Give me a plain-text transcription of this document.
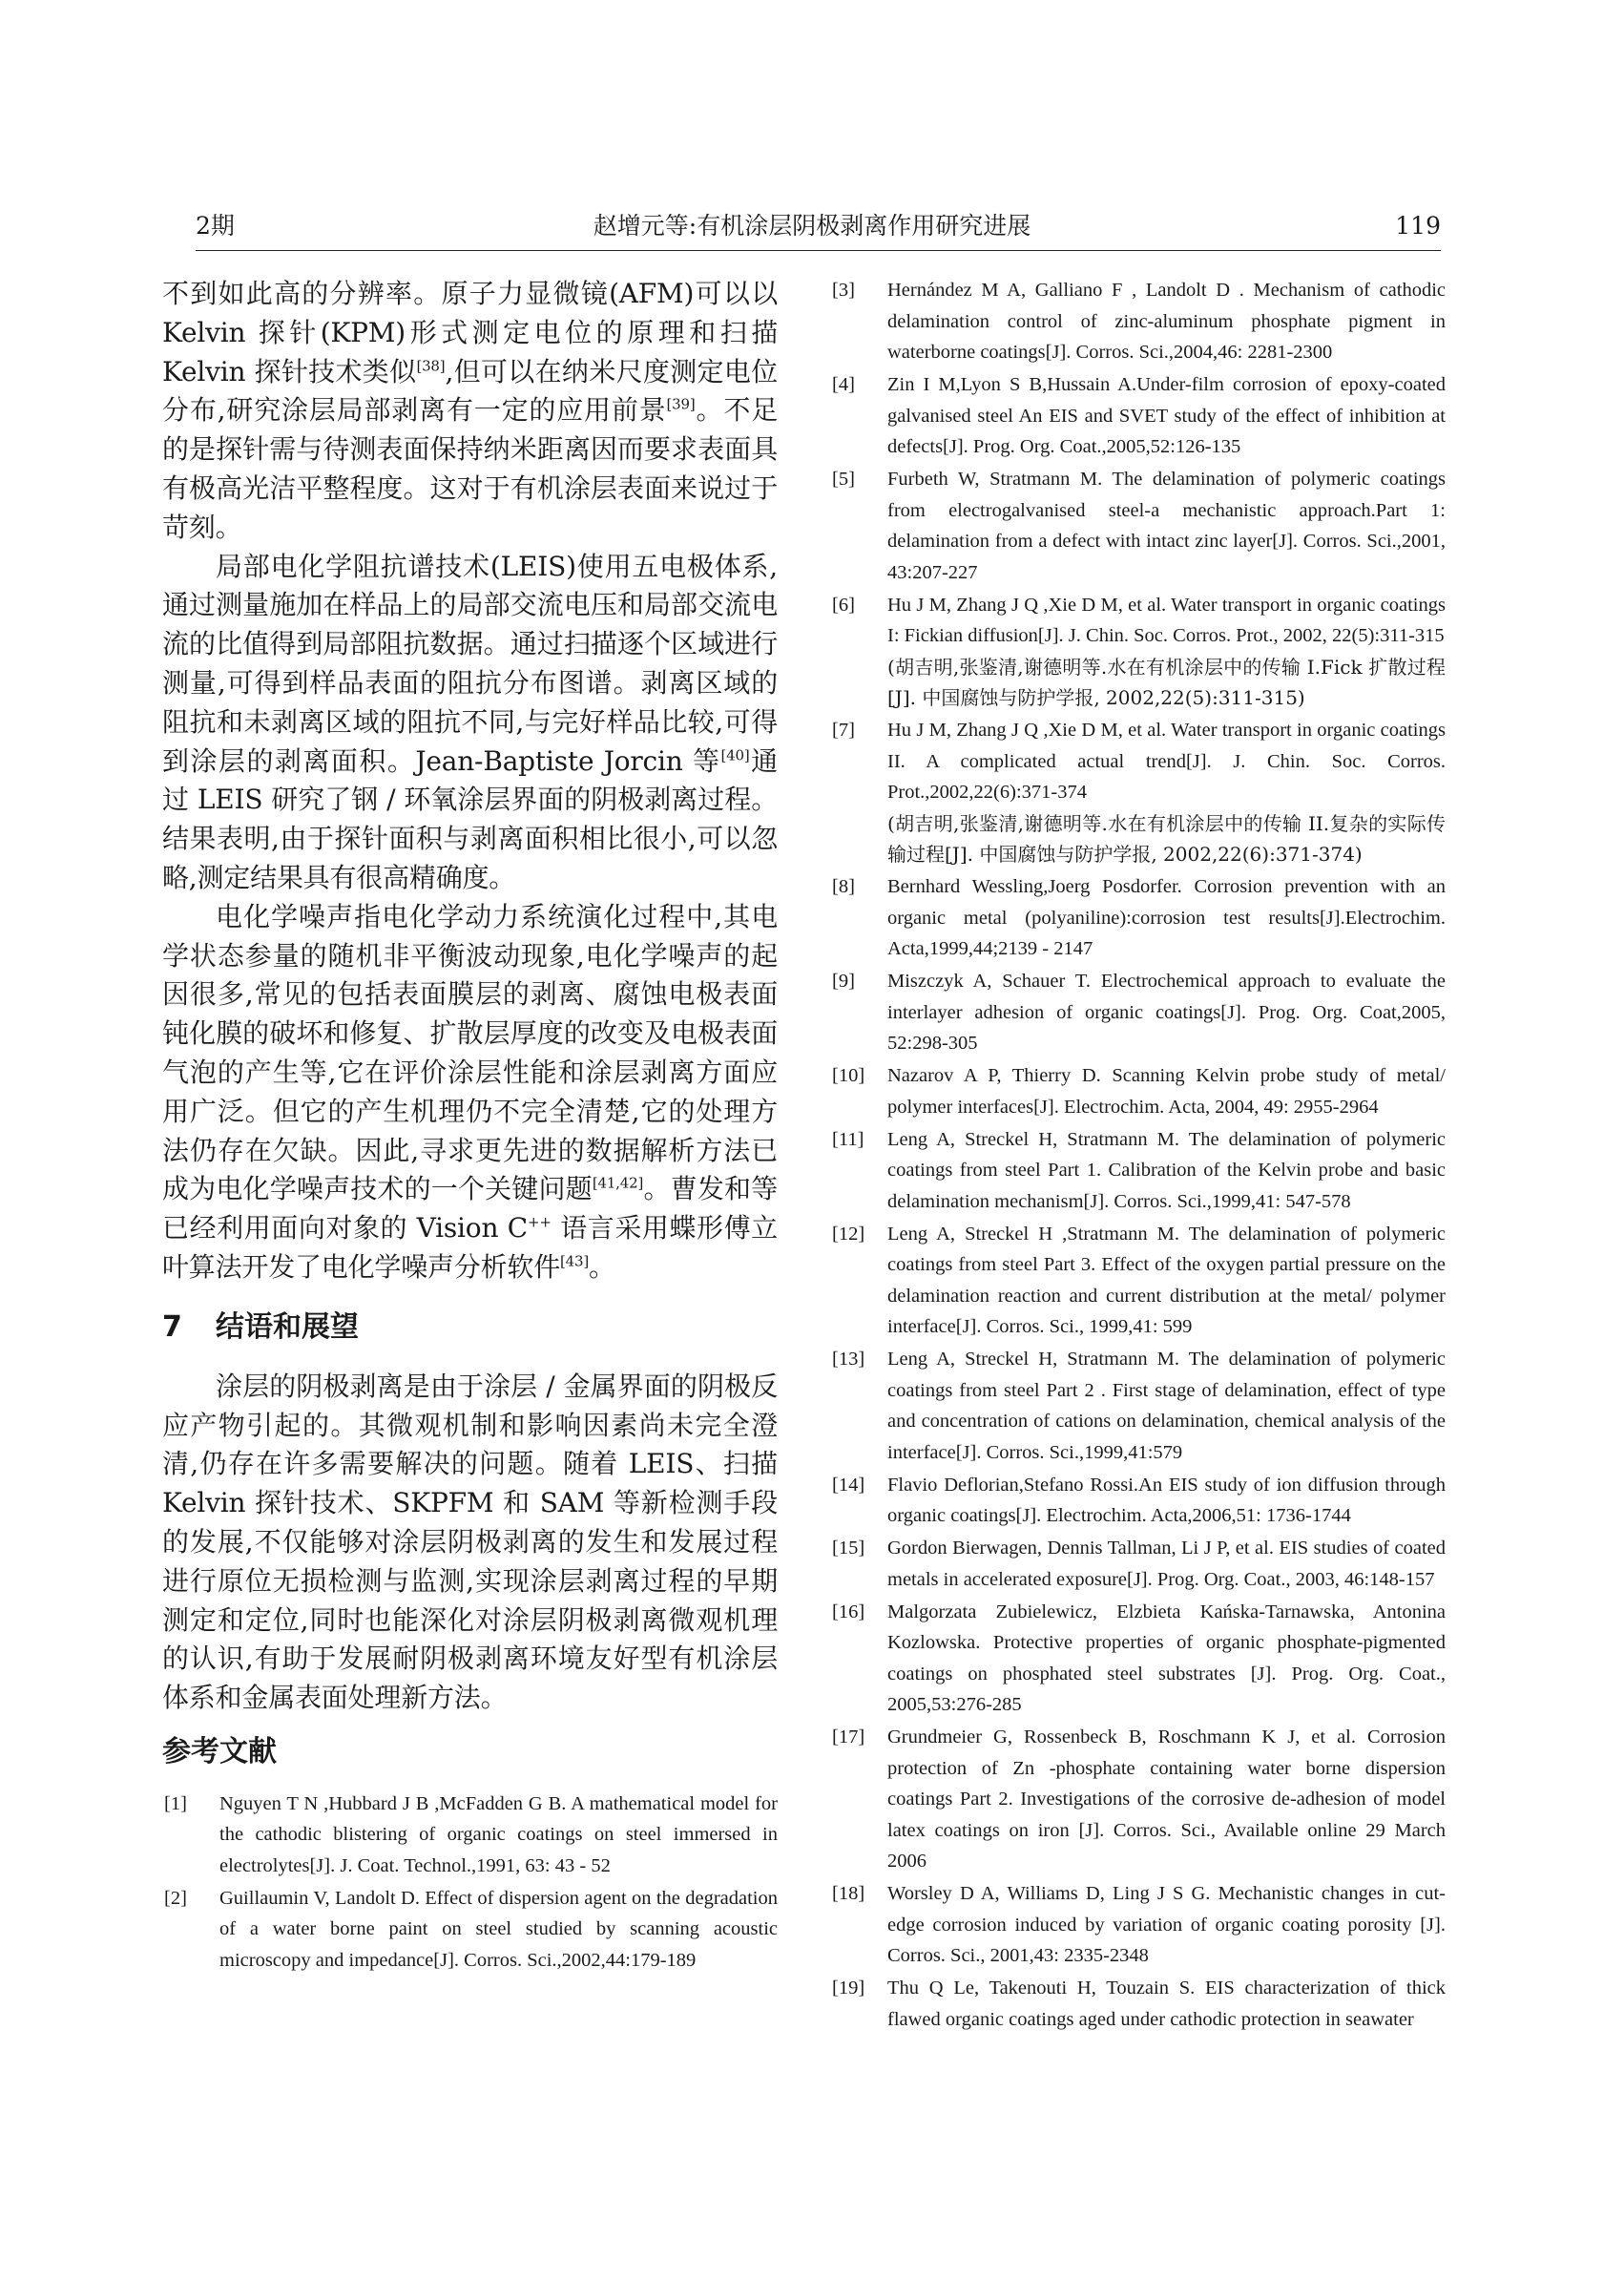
2期	赵增元等:有机涂层阴极剥离作用研究进展	119

不到如此高的分辨率。原子力显微镜(AFM)可以以 Kelvin 探针(KPM)形式测定电位的原理和扫描 Kelvin 探针技术类似[38],但可以在纳米尺度测定电位分布,研究涂层局部剥离有一定的应用前景[39]。不足的是探针需与待测表面保持纳米距离因而要求表面具有极高光洁平整程度。这对于有机涂层表面来说过于苛刻。

局部电化学阻抗谱技术(LEIS)使用五电极体系,通过测量施加在样品上的局部交流电压和局部交流电流的比值得到局部阻抗数据。通过扫描逐个区域进行测量,可得到样品表面的阻抗分布图谱。剥离区域的阻抗和未剥离区域的阻抗不同,与完好样品比较,可得到涂层的剥离面积。Jean-Baptiste Jorcin 等[40]通过 LEIS 研究了钢 / 环氧涂层界面的阴极剥离过程。结果表明,由于探针面积与剥离面积相比很小,可以忽略,测定结果具有很高精确度。

电化学噪声指电化学动力系统演化过程中,其电学状态参量的随机非平衡波动现象,电化学噪声的起因很多,常见的包括表面膜层的剥离、腐蚀电极表面钝化膜的破坏和修复、扩散层厚度的改变及电极表面气泡的产生等,它在评价涂层性能和涂层剥离方面应用广泛。但它的产生机理仍不完全清楚,它的处理方法仍存在欠缺。因此,寻求更先进的数据解析方法已成为电化学噪声技术的一个关键问题[41,42]。曹发和等已经利用面向对象的 Vision C++ 语言采用蝶形傅立叶算法开发了电化学噪声分析软件[43]。

7 结语和展望

涂层的阴极剥离是由于涂层 / 金属界面的阴极反应产物引起的。其微观机制和影响因素尚未完全澄清,仍存在许多需要解决的问题。随着 LEIS、扫描 Kelvin 探针技术、SKPFM 和 SAM 等新检测手段的发展,不仅能够对涂层阴极剥离的发生和发展过程进行原位无损检测与监测,实现涂层剥离过程的早期测定和定位,同时也能深化对涂层阴极剥离微观机理的认识,有助于发展耐阴极剥离环境友好型有机涂层体系和金属表面处理新方法。

参考文献
[1] Nguyen T N ,Hubbard J B ,McFadden G B. A mathematical model for the cathodic blistering of organic coatings on steel immersed in electrolytes[J]. J. Coat. Technol.,1991, 63: 43 - 52
[2] Guillaumin V, Landolt D. Effect of dispersion agent on the degradation of a water borne paint on steel studied by scanning acoustic microscopy and impedance[J]. Corros. Sci.,2002,44:179-189
[3] Hernández M A, Galliano F , Landolt D . Mechanism of cathodic delamination control of zinc-aluminum phosphate pigment in waterborne coatings[J]. Corros. Sci.,2004,46: 2281-2300
[4] Zin I M,Lyon S B,Hussain A.Under-film corrosion of epoxy-coated galvanised steel An EIS and SVET study of the effect of inhibition at defects[J]. Prog. Org. Coat.,2005,52:126-135
[5] Furbeth W, Stratmann M. The delamination of polymeric coatings from electrogalvanised steel-a mechanistic approach.Part 1: delamination from a defect with intact zinc layer[J]. Corros. Sci.,2001, 43:207-227
[6] Hu J M, Zhang J Q ,Xie D M, et al. Water transport in organic coatings I: Fickian diffusion[J]. J. Chin. Soc. Corros. Prot., 2002, 22(5):311-315
(胡吉明,张鉴清,谢德明等.水在有机涂层中的传输 I.Fick 扩散过程[J]. 中国腐蚀与防护学报, 2002,22(5):311-315)
[7] Hu J M, Zhang J Q ,Xie D M, et al. Water transport in organic coatings II. A complicated actual trend[J]. J. Chin. Soc. Corros. Prot.,2002,22(6):371-374
(胡吉明,张鉴清,谢德明等.水在有机涂层中的传输 II.复杂的实际传输过程[J]. 中国腐蚀与防护学报, 2002,22(6):371-374)
[8] Bernhard Wessling,Joerg Posdorfer. Corrosion prevention with an organic metal (polyaniline):corrosion test results[J].Electrochim. Acta,1999,44;2139 - 2147
[9] Miszczyk A, Schauer T. Electrochemical approach to evaluate the interlayer adhesion of organic coatings[J]. Prog. Org. Coat,2005, 52:298-305
[10] Nazarov A P, Thierry D. Scanning Kelvin probe study of metal/ polymer interfaces[J]. Electrochim. Acta, 2004, 49: 2955-2964
[11] Leng A, Streckel H, Stratmann M. The delamination of polymeric coatings from steel Part 1. Calibration of the Kelvin probe and basic delamination mechanism[J]. Corros. Sci.,1999,41: 547-578
[12] Leng A, Streckel H ,Stratmann M. The delamination of polymeric coatings from steel Part 3. Effect of the oxygen partial pressure on the delamination reaction and current distribution at the metal/ polymer interface[J]. Corros. Sci., 1999,41: 599
[13] Leng A, Streckel H, Stratmann M. The delamination of polymeric coatings from steel Part 2 . First stage of delamination, effect of type and concentration of cations on delamination, chemical analysis of the interface[J]. Corros. Sci.,1999,41:579
[14] Flavio Deflorian,Stefano Rossi.An EIS study of ion diffusion through organic coatings[J]. Electrochim. Acta,2006,51: 1736-1744
[15] Gordon Bierwagen, Dennis Tallman, Li J P, et al. EIS studies of coated metals in accelerated exposure[J]. Prog. Org. Coat., 2003, 46:148-157
[16] Malgorzata Zubielewicz, Elzbieta Kańska-Tarnawska, Antonina Kozlowska. Protective properties of organic phosphate-pigmented coatings on phosphated steel substrates [J]. Prog. Org. Coat., 2005,53:276-285
[17] Grundmeier G, Rossenbeck B, Roschmann K J, et al. Corrosion protection of Zn -phosphate containing water borne dispersion coatings Part 2. Investigations of the corrosive de-adhesion of model latex coatings on iron [J]. Corros. Sci., Available online 29 March 2006
[18] Worsley D A, Williams D, Ling J S G. Mechanistic changes in cut-edge corrosion induced by variation of organic coating porosity [J]. Corros. Sci., 2001,43: 2335-2348
[19] Thu Q Le, Takenouti H, Touzain S. EIS characterization of thick flawed organic coatings aged under cathodic protection in seawater
